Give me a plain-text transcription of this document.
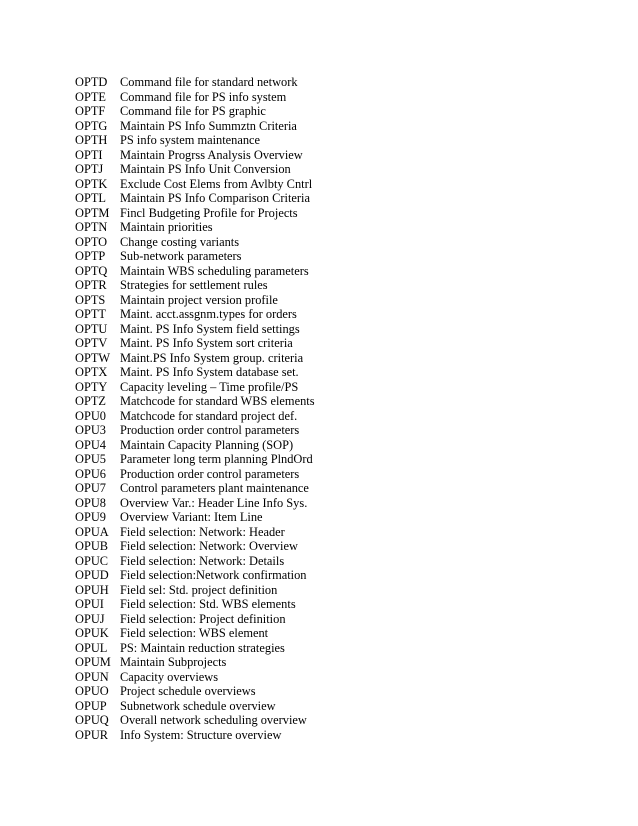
OPTD	Command file for standard network
OPTE	Command file for PS info system
OPTF	Command file for PS graphic
OPTG	Maintain PS Info Summztn Criteria
OPTH	PS info system maintenance
OPTI	Maintain Progrss Analysis Overview
OPTJ	Maintain PS Info Unit Conversion
OPTK	Exclude Cost Elems from Avlbty Cntrl
OPTL	Maintain PS Info Comparison Criteria
OPTM Fincl Budgeting Profile for Projects
OPTN	Maintain priorities
OPTO	Change costing variants
OPTP	Sub-network parameters
OPTQ	Maintain WBS scheduling parameters
OPTR	Strategies for settlement rules
OPTS	Maintain project version profile
OPTT	Maint. acct.assgnm.types for orders
OPTU	Maint. PS Info System field settings
OPTV	Maint. PS Info System sort criteria
OPTW Maint.PS Info System group. criteria
OPTX	Maint. PS Info System database set.
OPTY	Capacity leveling – Time profile/PS
OPTZ	Matchcode for standard WBS elements
OPU0	Matchcode for standard project def.
OPU3	Production order control parameters
OPU4	Maintain Capacity Planning (SOP)
OPU5	Parameter long term planning PlndOrd
OPU6	Production order control parameters
OPU7	Control parameters plant maintenance
OPU8	Overview Var.: Header Line Info Sys.
OPU9	Overview Variant: Item Line
OPUA Field selection: Network: Header
OPUB Field selection: Network: Overview
OPUC Field selection: Network: Details
OPUD Field selection:Network confirmation
OPUH Field sel: Std. project definition
OPUI	Field selection: Std. WBS elements
OPUJ	Field selection: Project definition
OPUK Field selection: WBS element
OPUL	PS: Maintain reduction strategies
OPUM Maintain Subprojects
OPUN Capacity overviews
OPUO Project schedule overviews
OPUP	Subnetwork schedule overview
OPUQ Overall network scheduling overview
OPUR Info System: Structure overview
